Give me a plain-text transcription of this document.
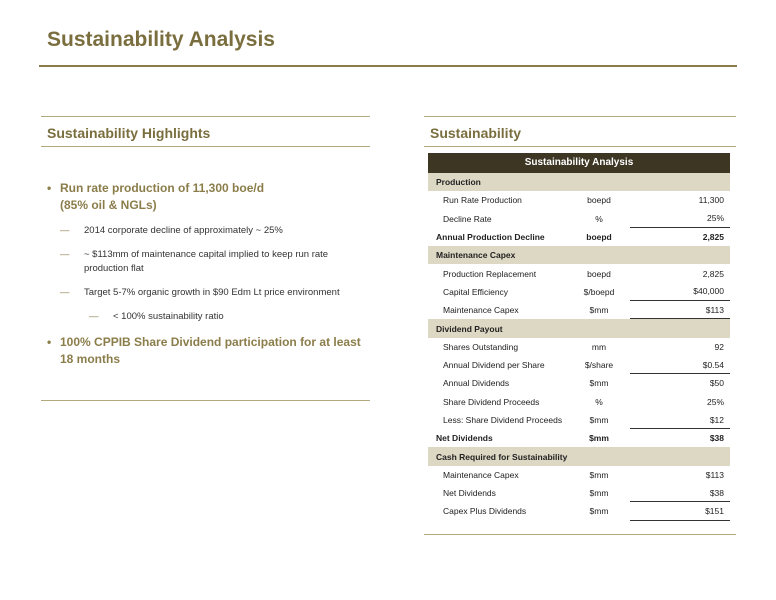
Sustainability Analysis
Sustainability Highlights
• Run rate production of 11,300 boe/d
(85% oil & NGLs)
— 2014 corporate decline of approximately ~ 25%
— ~ $113mm of maintenance capital implied to keep run rate production flat
— Target 5-7% organic growth in $90 Edm Lt price environment
— < 100% sustainability ratio
• 100% CPPIB Share Dividend participation for at least 18 months
Sustainability
Sustainability Analysis
Production
Run Rate Production	boepd	11,300
Decline Rate	%	25%
Annual Production Decline	boepd	2,825
Maintenance Capex
Production Replacement	boepd	2,825
Capital Efficiency	$/boepd	$40,000
Maintenance Capex	$mm	$113
Dividend Payout
Shares Outstanding	mm	92
Annual Dividend per Share	$/share	$0.54
Annual Dividends	$mm	$50
Share Dividend Proceeds	%	25%
Less: Share Dividend Proceeds	$mm	$12
Net Dividends	$mm	$38
Cash Required for Sustainability
Maintenance Capex	$mm	$113
Net Dividends	$mm	$38
Capex Plus Dividends	$mm	$151
